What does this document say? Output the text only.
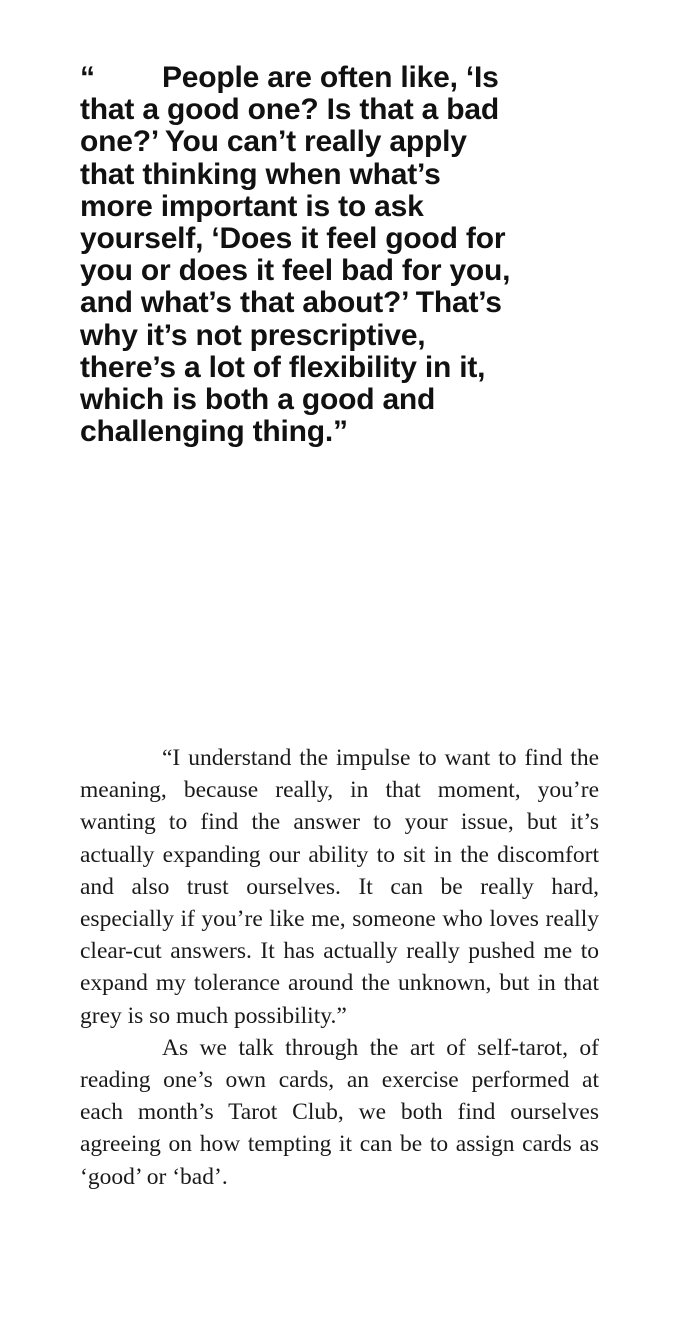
“ People are often like, ‘Is that a good one? Is that a bad one?’ You can’t really apply that thinking when what’s more important is to ask yourself, ‘Does it feel good for you or does it feel bad for you, and what’s that about?’ That’s why it’s not prescriptive, there’s a lot of flexibility in it, which is both a good and challenging thing.”

“I understand the impulse to want to find the meaning, because really, in that moment, you’re wanting to find the answer to your issue, but it’s actually expanding our ability to sit in the discomfort and also trust ourselves. It can be really hard, especially if you’re like me, someone who loves really clear-cut answers. It has actually really pushed me to expand my tolerance around the unknown, but in that grey is so much possibility.”

As we talk through the art of self-tarot, of reading one’s own cards, an exercise performed at each month’s Tarot Club, we both find ourselves agreeing on how tempting it can be to assign cards as ‘good’ or ‘bad’.
